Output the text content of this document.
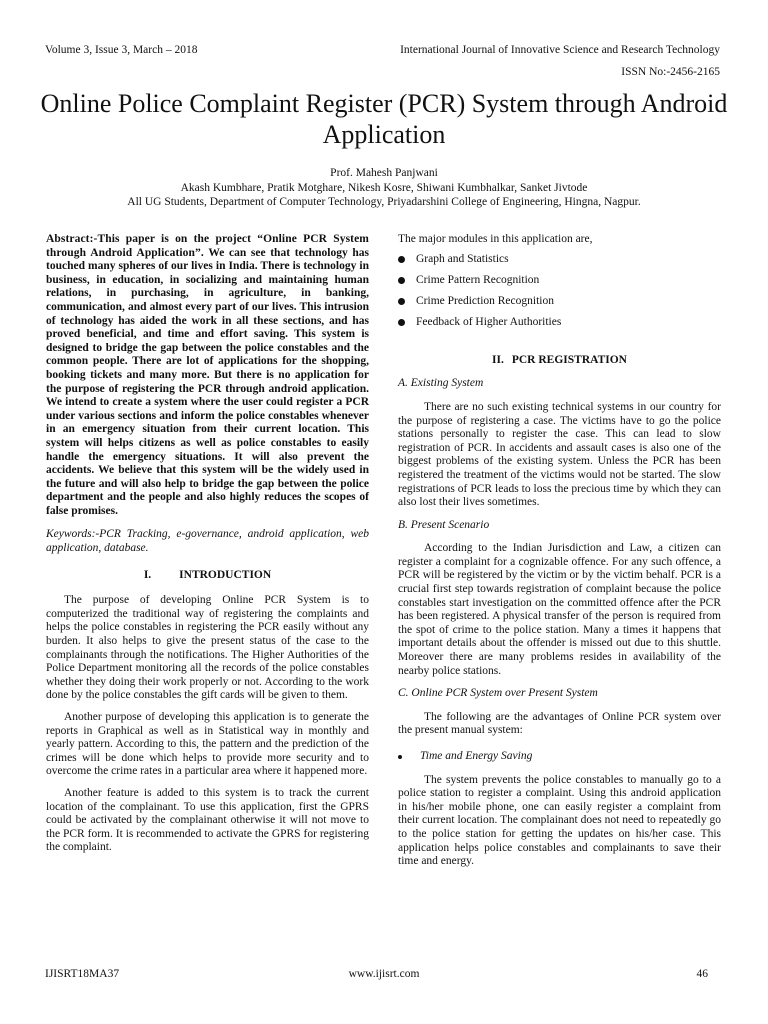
Volume 3, Issue 3, March – 2018	International Journal of Innovative Science and Research Technology
ISSN No:-2456-2165
Online Police Complaint Register (PCR) System through Android Application
Prof. Mahesh Panjwani
Akash Kumbhare, Pratik Motghare, Nikesh Kosre, Shiwani Kumbhalkar, Sanket Jivtode
All UG Students, Department of Computer Technology, Priyadarshini College of Engineering, Hingna, Nagpur.

Abstract:-This paper is on the project “Online PCR System through Android Application”. We can see that technology has touched many spheres of our lives in India. There is technology in business, in education, in socializing and maintaining human relations, in purchasing, in agriculture, in banking, communication, and almost every part of our lives. This intrusion of technology has aided the work in all these sections, and has proved beneficial, and time and effort saving. This system is designed to bridge the gap between the police constables and the common people. There are lot of applications for the shopping, booking tickets and many more. But there is no application for the purpose of registering the PCR through android application. We intend to create a system where the user could register a PCR under various sections and inform the police constables whenever in an emergency situation from their current location. This system will helps citizens as well as police constables to easily handle the emergency situations. It will also prevent the accidents. We believe that this system will be the widely used in the future and will also help to bridge the gap between the police department and the people and also highly reduces the scopes of false promises.

Keywords:-PCR Tracking, e-governance, android application, web application, database.

I. INTRODUCTION

The purpose of developing Online PCR System is to computerized the traditional way of registering the complaints and helps the police constables in registering the PCR easily without any burden. It also helps to give the present status of the case to the complainants through the notifications. The Higher Authorities of the Police Department monitoring all the records of the police constables whether they doing their work properly or not. According to the work done by the police constables the gift cards will be given to them.

Another purpose of developing this application is to generate the reports in Graphical as well as in Statistical way in monthly and yearly pattern. According to this, the pattern and the prediction of the crimes will be done which helps to provide more security and to overcome the crime rates in a particular area where it happened more.

Another feature is added to this system is to track the current location of the complainant. To use this application, first the GPRS could be activated by the complainant otherwise it will not move to the PCR form. It is recommended to activate the GPRS for registering the complaint.

The major modules in this application are,

Graph and Statistics
Crime Pattern Recognition
Crime Prediction Recognition
Feedback of Higher Authorities
II. PCR REGISTRATION

A. Existing System

There are no such existing technical systems in our country for the purpose of registering a case. The victims have to go the police stations personally to register the case. This can lead to slow registration of PCR. In accidents and assault cases is also one of the biggest problems of the existing system. Unless the PCR has been registered the treatment of the victims would not be started. The slow registrations of PCR leads to loss the precious time by which they can also lost their lives sometimes.

B. Present Scenario

According to the Indian Jurisdiction and Law, a citizen can register a complaint for a cognizable offence. For any such offence, a PCR will be registered by the victim or by the victim behalf. PCR is a crucial first step towards registration of complaint because the police constables start investigation on the committed offence after the PCR has been registered. A physical transfer of the person is required from the spot of crime to the police station. Many a times it happens that important details about the offender is missed out due to this shuttle. Moreover there are many problems resides in availability of the nearby police stations.

C. Online PCR System over Present System

The following are the advantages of Online PCR system over the present manual system:

Time and Energy Saving

The system prevents the police constables to manually go to a police station to register a complaint. Using this android application in his/her mobile phone, one can easily register a complaint from their current location. The complainant does not need to repeatedly go to the police station for getting the updates on his/her case. This application helps police constables and complainants to save their time and energy.

IJISRT18MA37	www.ijisrt.com	46
